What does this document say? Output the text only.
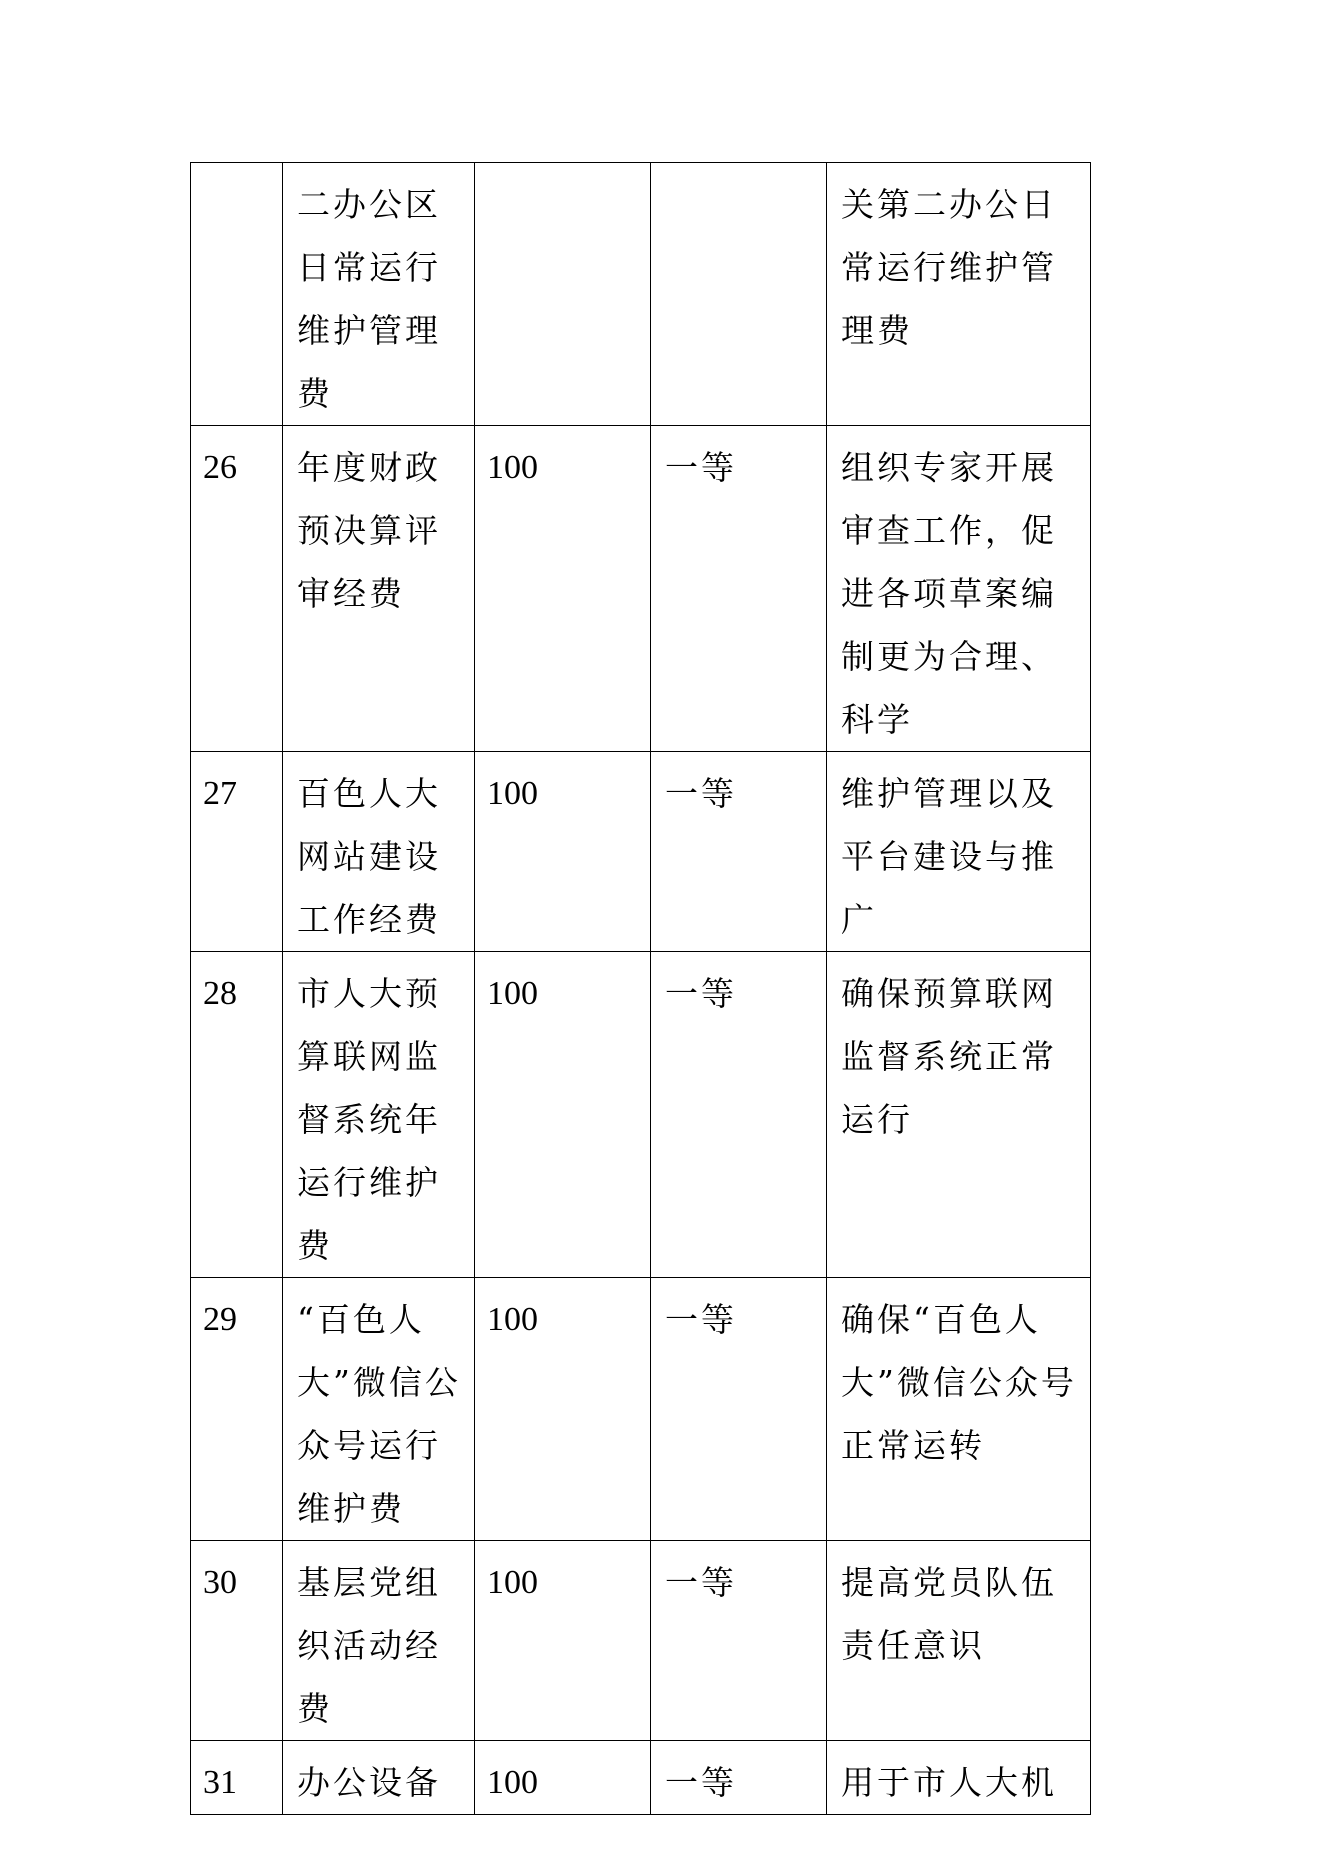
	二办公区日常运行维护管理费			关第二办公日常运行维护管理费

26	年度财政预决算评审经费	100	一等	组织专家开展审查工作，促进各项草案编制更为合理、科学

27	百色人大网站建设工作经费	100	一等	维护管理以及平台建设与推广

28	市人大预算联网监督系统年运行维护费	100	一等	确保预算联网监督系统正常运行

29	“百色人大”微信公众号运行维护费	100	一等	确保“百色人大”微信公众号正常运转

30	基层党组织活动经费	100	一等	提高党员队伍责任意识

31	办公设备	100	一等	用于市人大机
